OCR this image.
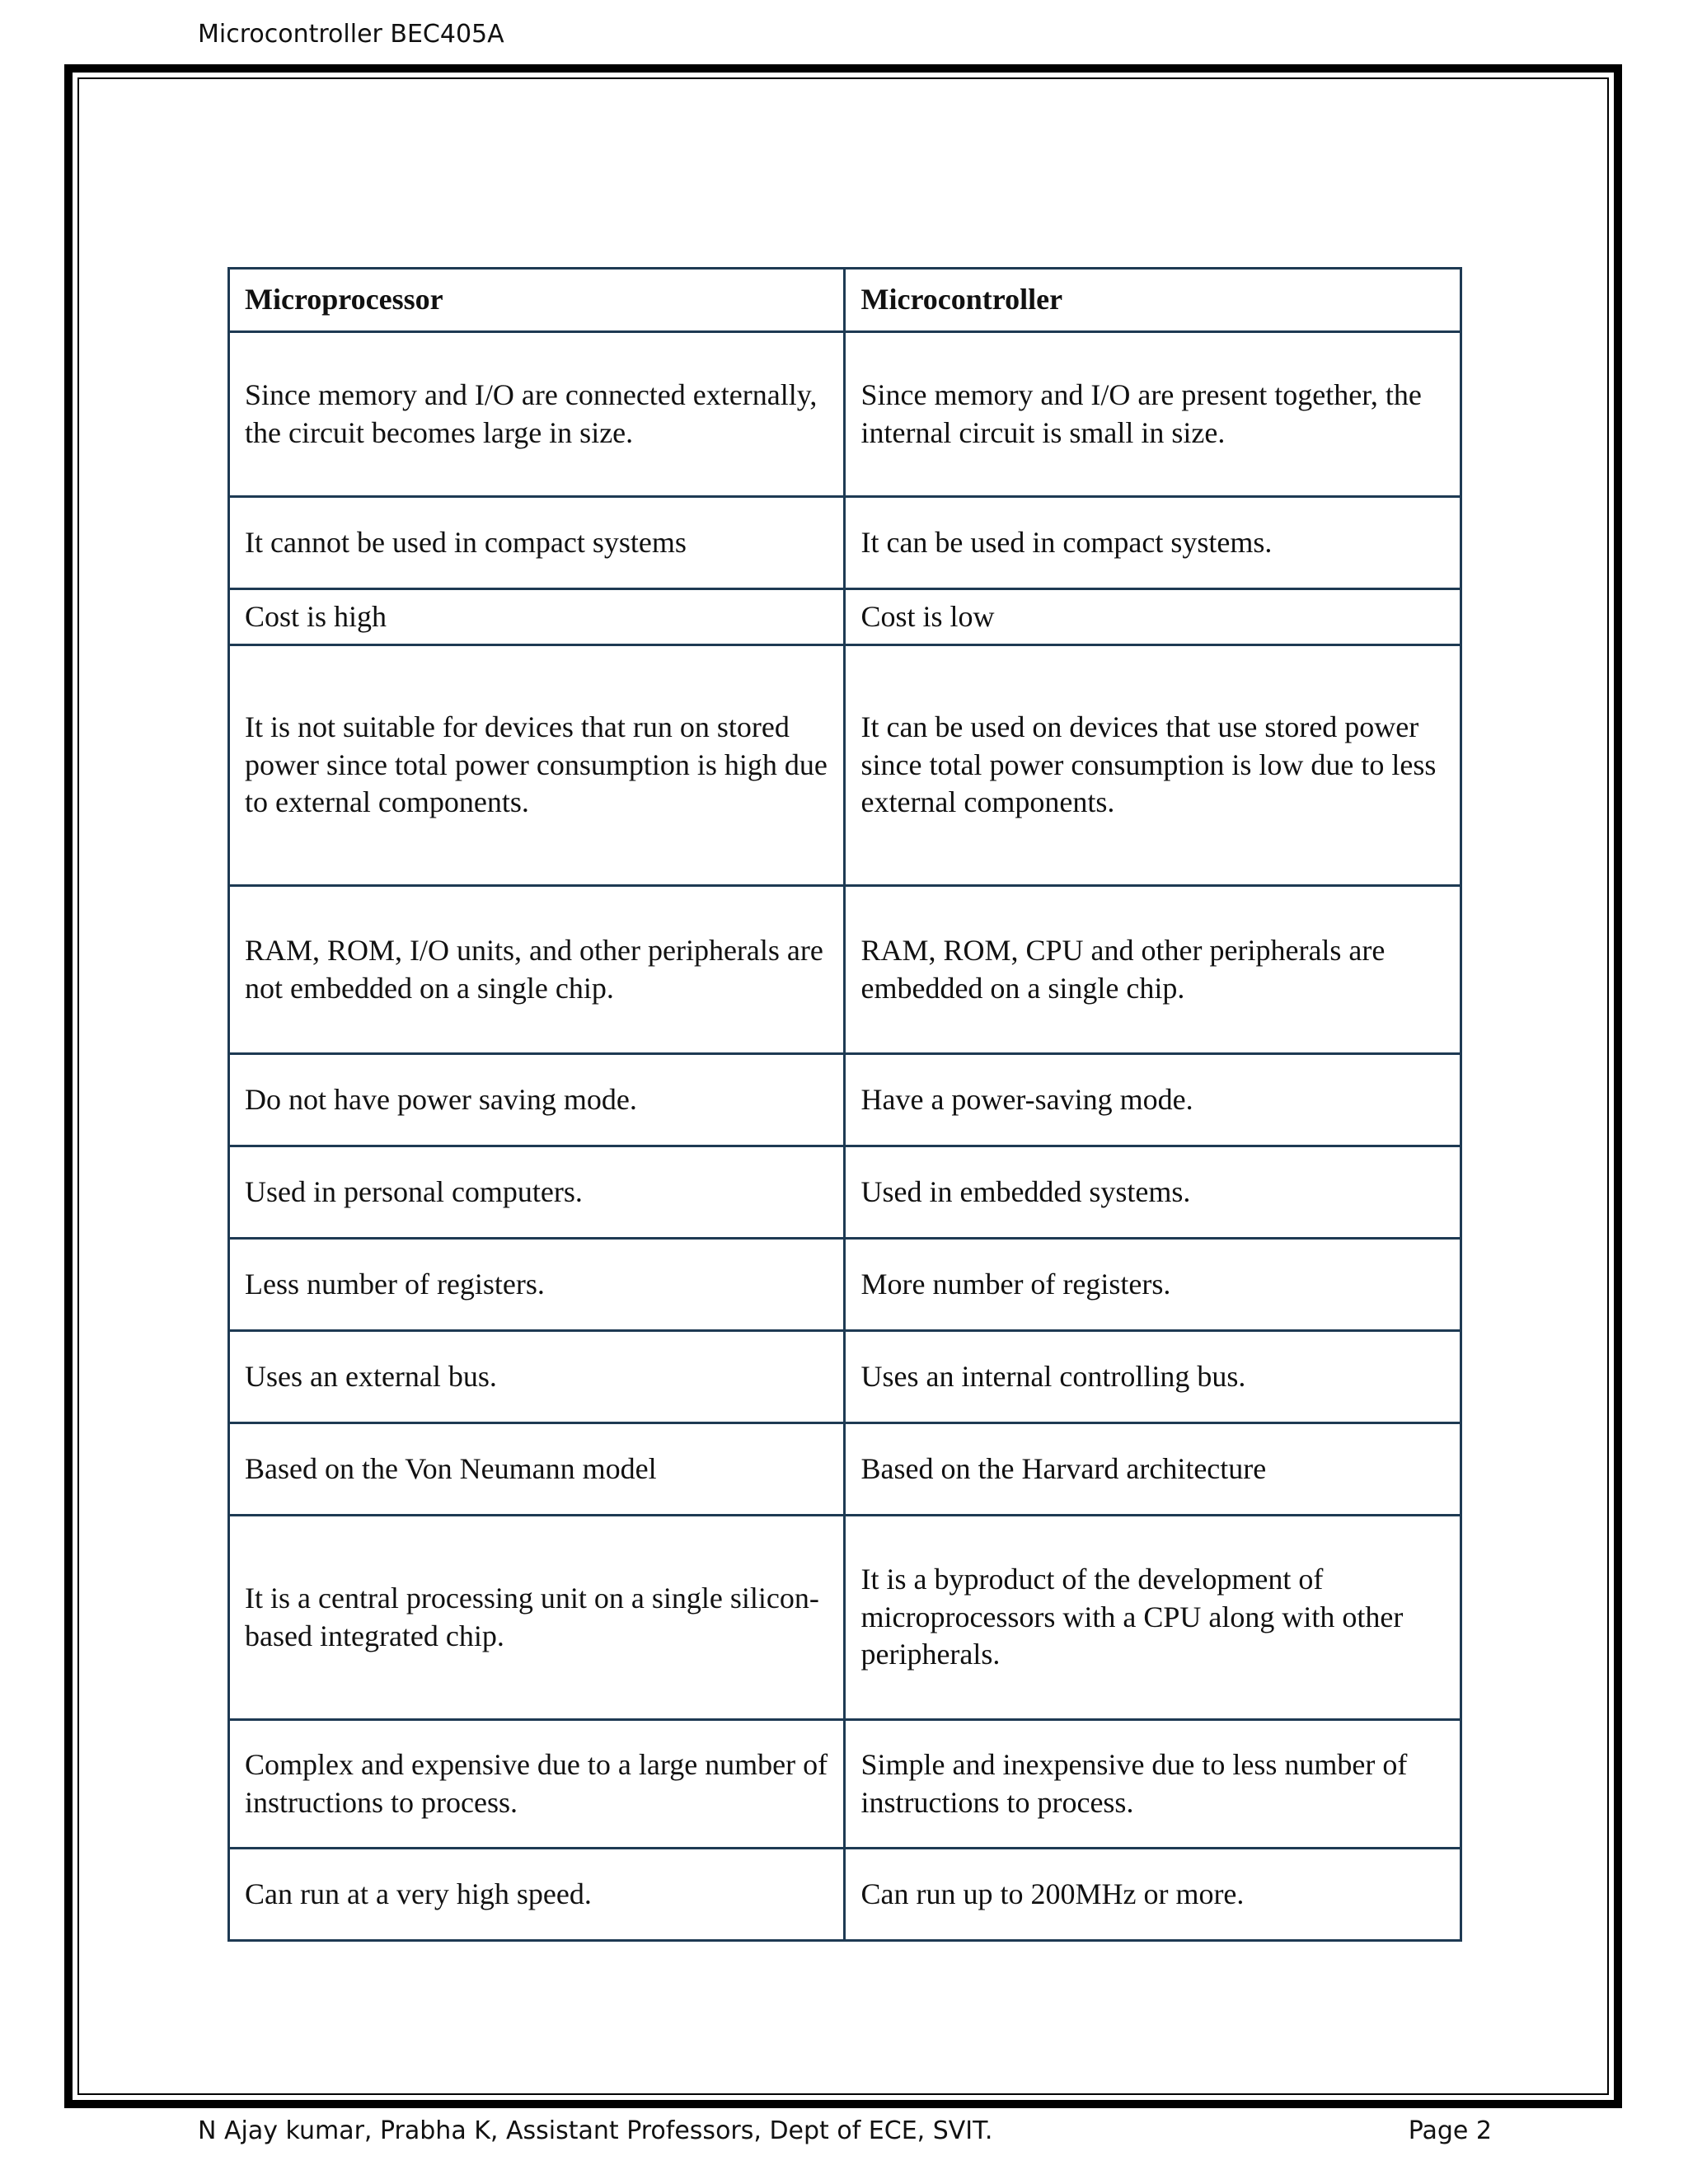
Microcontroller BEC405A
Microprocessor	Microcontroller
Since memory and I/O are connected externally, the circuit becomes large in size.	Since memory and I/O are present together, the internal circuit is small in size.
It cannot be used in compact systems	It can be used in compact systems.
Cost is high	Cost is low
It is not suitable for devices that run on stored power since total power consumption is high due to external components.	It can be used on devices that use stored power since total power consumption is low due to less external components.
RAM, ROM, I/O units, and other peripherals are not embedded on a single chip.	RAM, ROM, CPU and other peripherals are embedded on a single chip.
Do not have power saving mode.	Have a power-saving mode.
Used in personal computers.	Used in embedded systems.
Less number of registers.	More number of registers.
Uses an external bus.	Uses an internal controlling bus.
Based on the Von Neumann model	Based on the Harvard architecture
It is a central processing unit on a single silicon-based integrated chip.	It is a byproduct of the development of microprocessors with a CPU along with other peripherals.
Complex and expensive due to a large number of instructions to process.	Simple and inexpensive due to less number of instructions to process.
Can run at a very high speed.	Can run up to 200MHz or more.
N Ajay kumar, Prabha K, Assistant Professors, Dept of ECE, SVIT.	Page 2
